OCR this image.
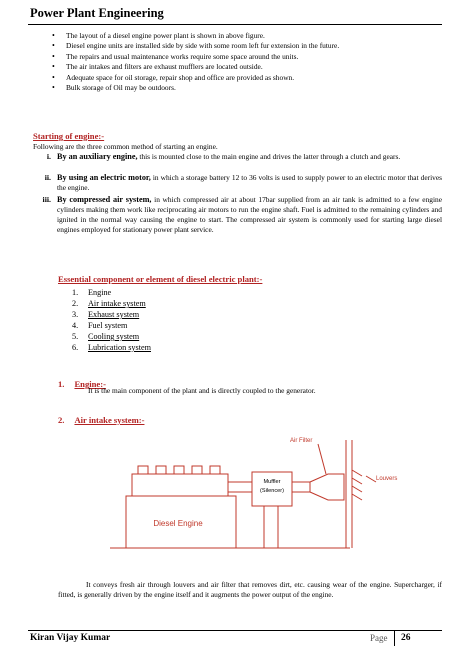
Power Plant Engineering
• The layout of a diesel engine power plant is shown in above figure.
• Diesel engine units are installed side by side with some room left fur extension in the future.
• The repairs and usual maintenance works require some space around the units.
• The air intakes and filters are exhaust mufflers are located outside.
• Adequate space for oil storage, repair shop and office are provided as shown.
• Bulk storage of Oil may be outdoors.
Starting of engine:-
Following are the three common method of starting an engine.
i. By an auxiliary engine, this is mounted close to the main engine and drives the latter through a clutch and gears.
ii. By using an electric motor, in which a storage battery 12 to 36 volts is used to supply power to an electric motor that derives the engine.
iii. By compressed air system, in which compressed air at about 17bar supplied from an air tank is admitted to a few engine cylinders making them work like reciprocating air motors to run the engine shaft. Fuel is admitted to the remaining cylinders and ignited in the normal way causing the engine to start. The compressed air system is commonly used for starting large diesel engines employed for stationary power plant service.
Essential component or element of diesel electric plant:-
1. Engine
2. Air intake system
3. Exhaust system
4. Fuel system
5. Cooling system
6. Lubrication system
1. Engine:-
It is the main component of the plant and is directly coupled to the generator.
2. Air intake system:-
Air Filter
Muffler
(Silencer)
Louvers
Diesel Engine
It conveys fresh air through louvers and air filter that removes dirt, etc. causing wear of the engine. Supercharger, if fitted, is generally driven by the engine itself and it augments the power output of the engine.
Kiran Vijay Kumar	Page	26
